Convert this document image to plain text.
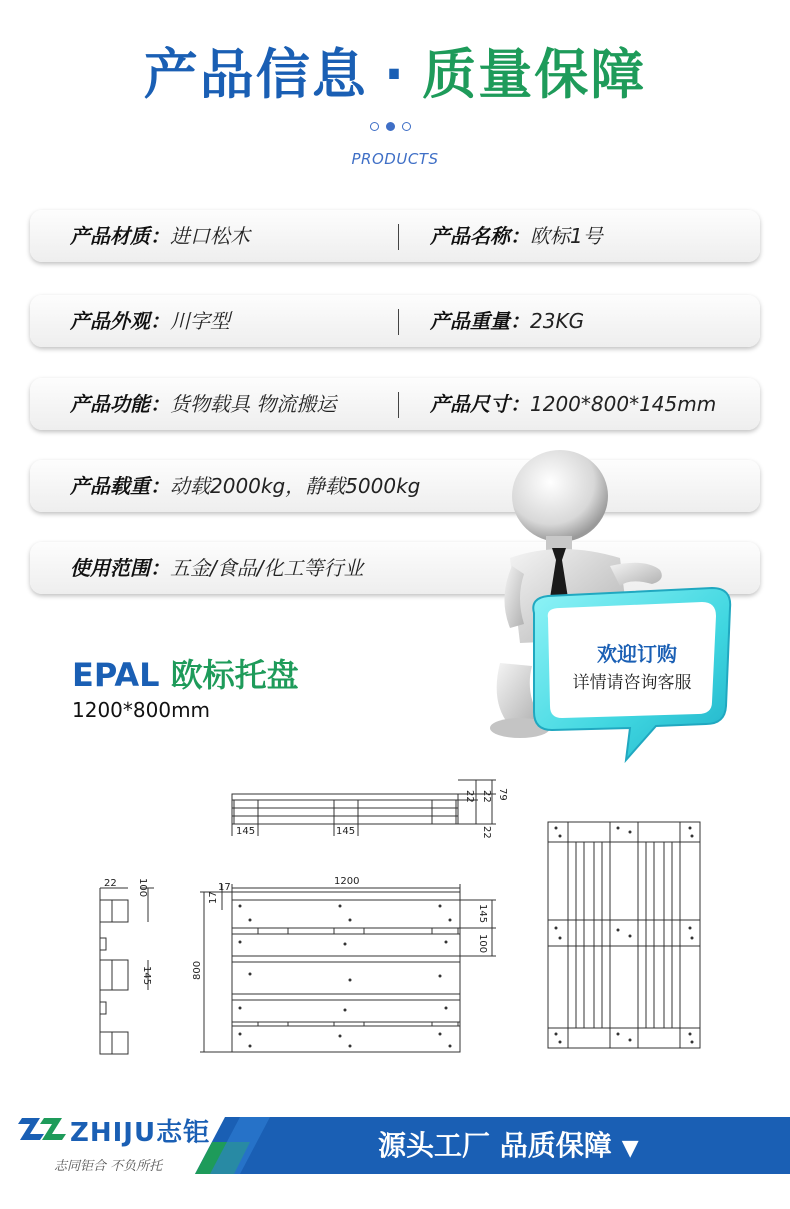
产品信息 · 质量保障
PRODUCTS
产品材质：进口松木	产品名称：欧标1号
产品外观：川字型	产品重量：23KG
产品功能：货物载具 物流搬运	产品尺寸：1200*800*145mm
产品载重：动载2000kg，静载5000kg
使用范围：五金/食品/化工等行业
欢迎订购
详情请咨询客服
EPAL 欧标托盘
1200*800mm
145	145
22 22 79
22
22 100
145
1200
17
17
145
100
800
ZHIJU志钜
志同钜合 不负所托
源头工厂 品质保障 ▼
